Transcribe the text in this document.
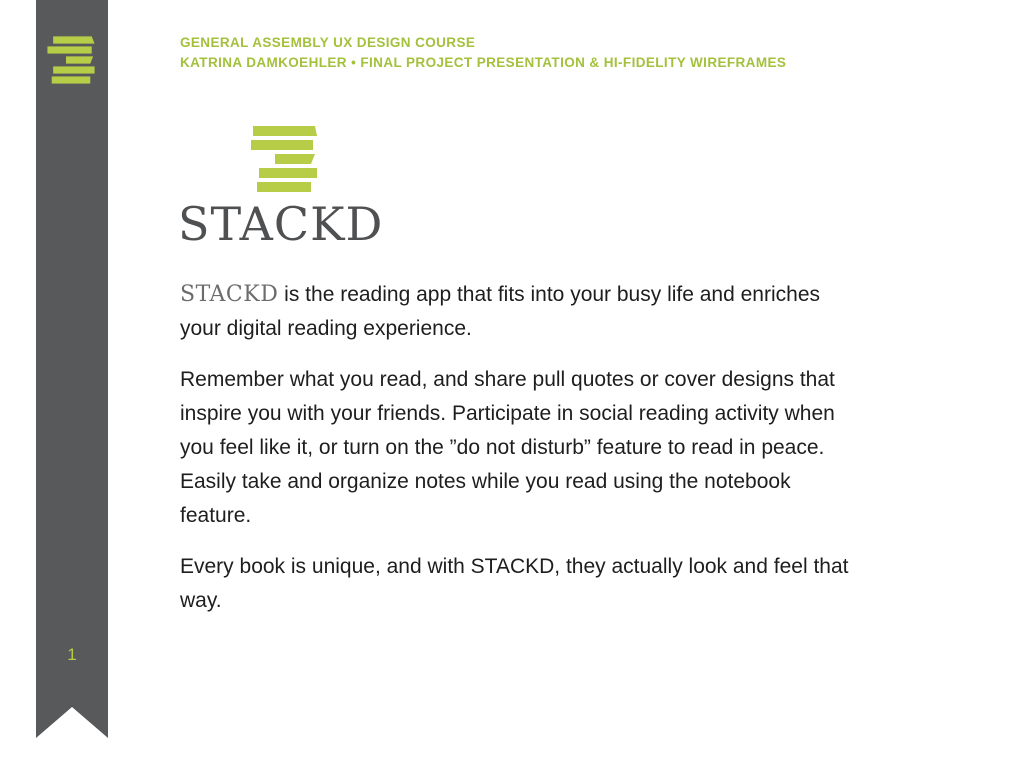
1
GENERAL ASSEMBLY UX DESIGN COURSE
KATRINA DAMKOEHLER • FINAL PROJECT PRESENTATION & HI-FIDELITY WIREFRAMES
STACKD

STACKD is the reading app that fits into your busy life and enriches your digital reading experience.

Remember what you read, and share pull quotes or cover designs that inspire you with your friends. Participate in social reading activity when you feel like it, or turn on the ”do not disturb” feature to read in peace. Easily take and organize notes while you read using the notebook feature.

Every book is unique, and with STACKD, they actually look and feel that way.
